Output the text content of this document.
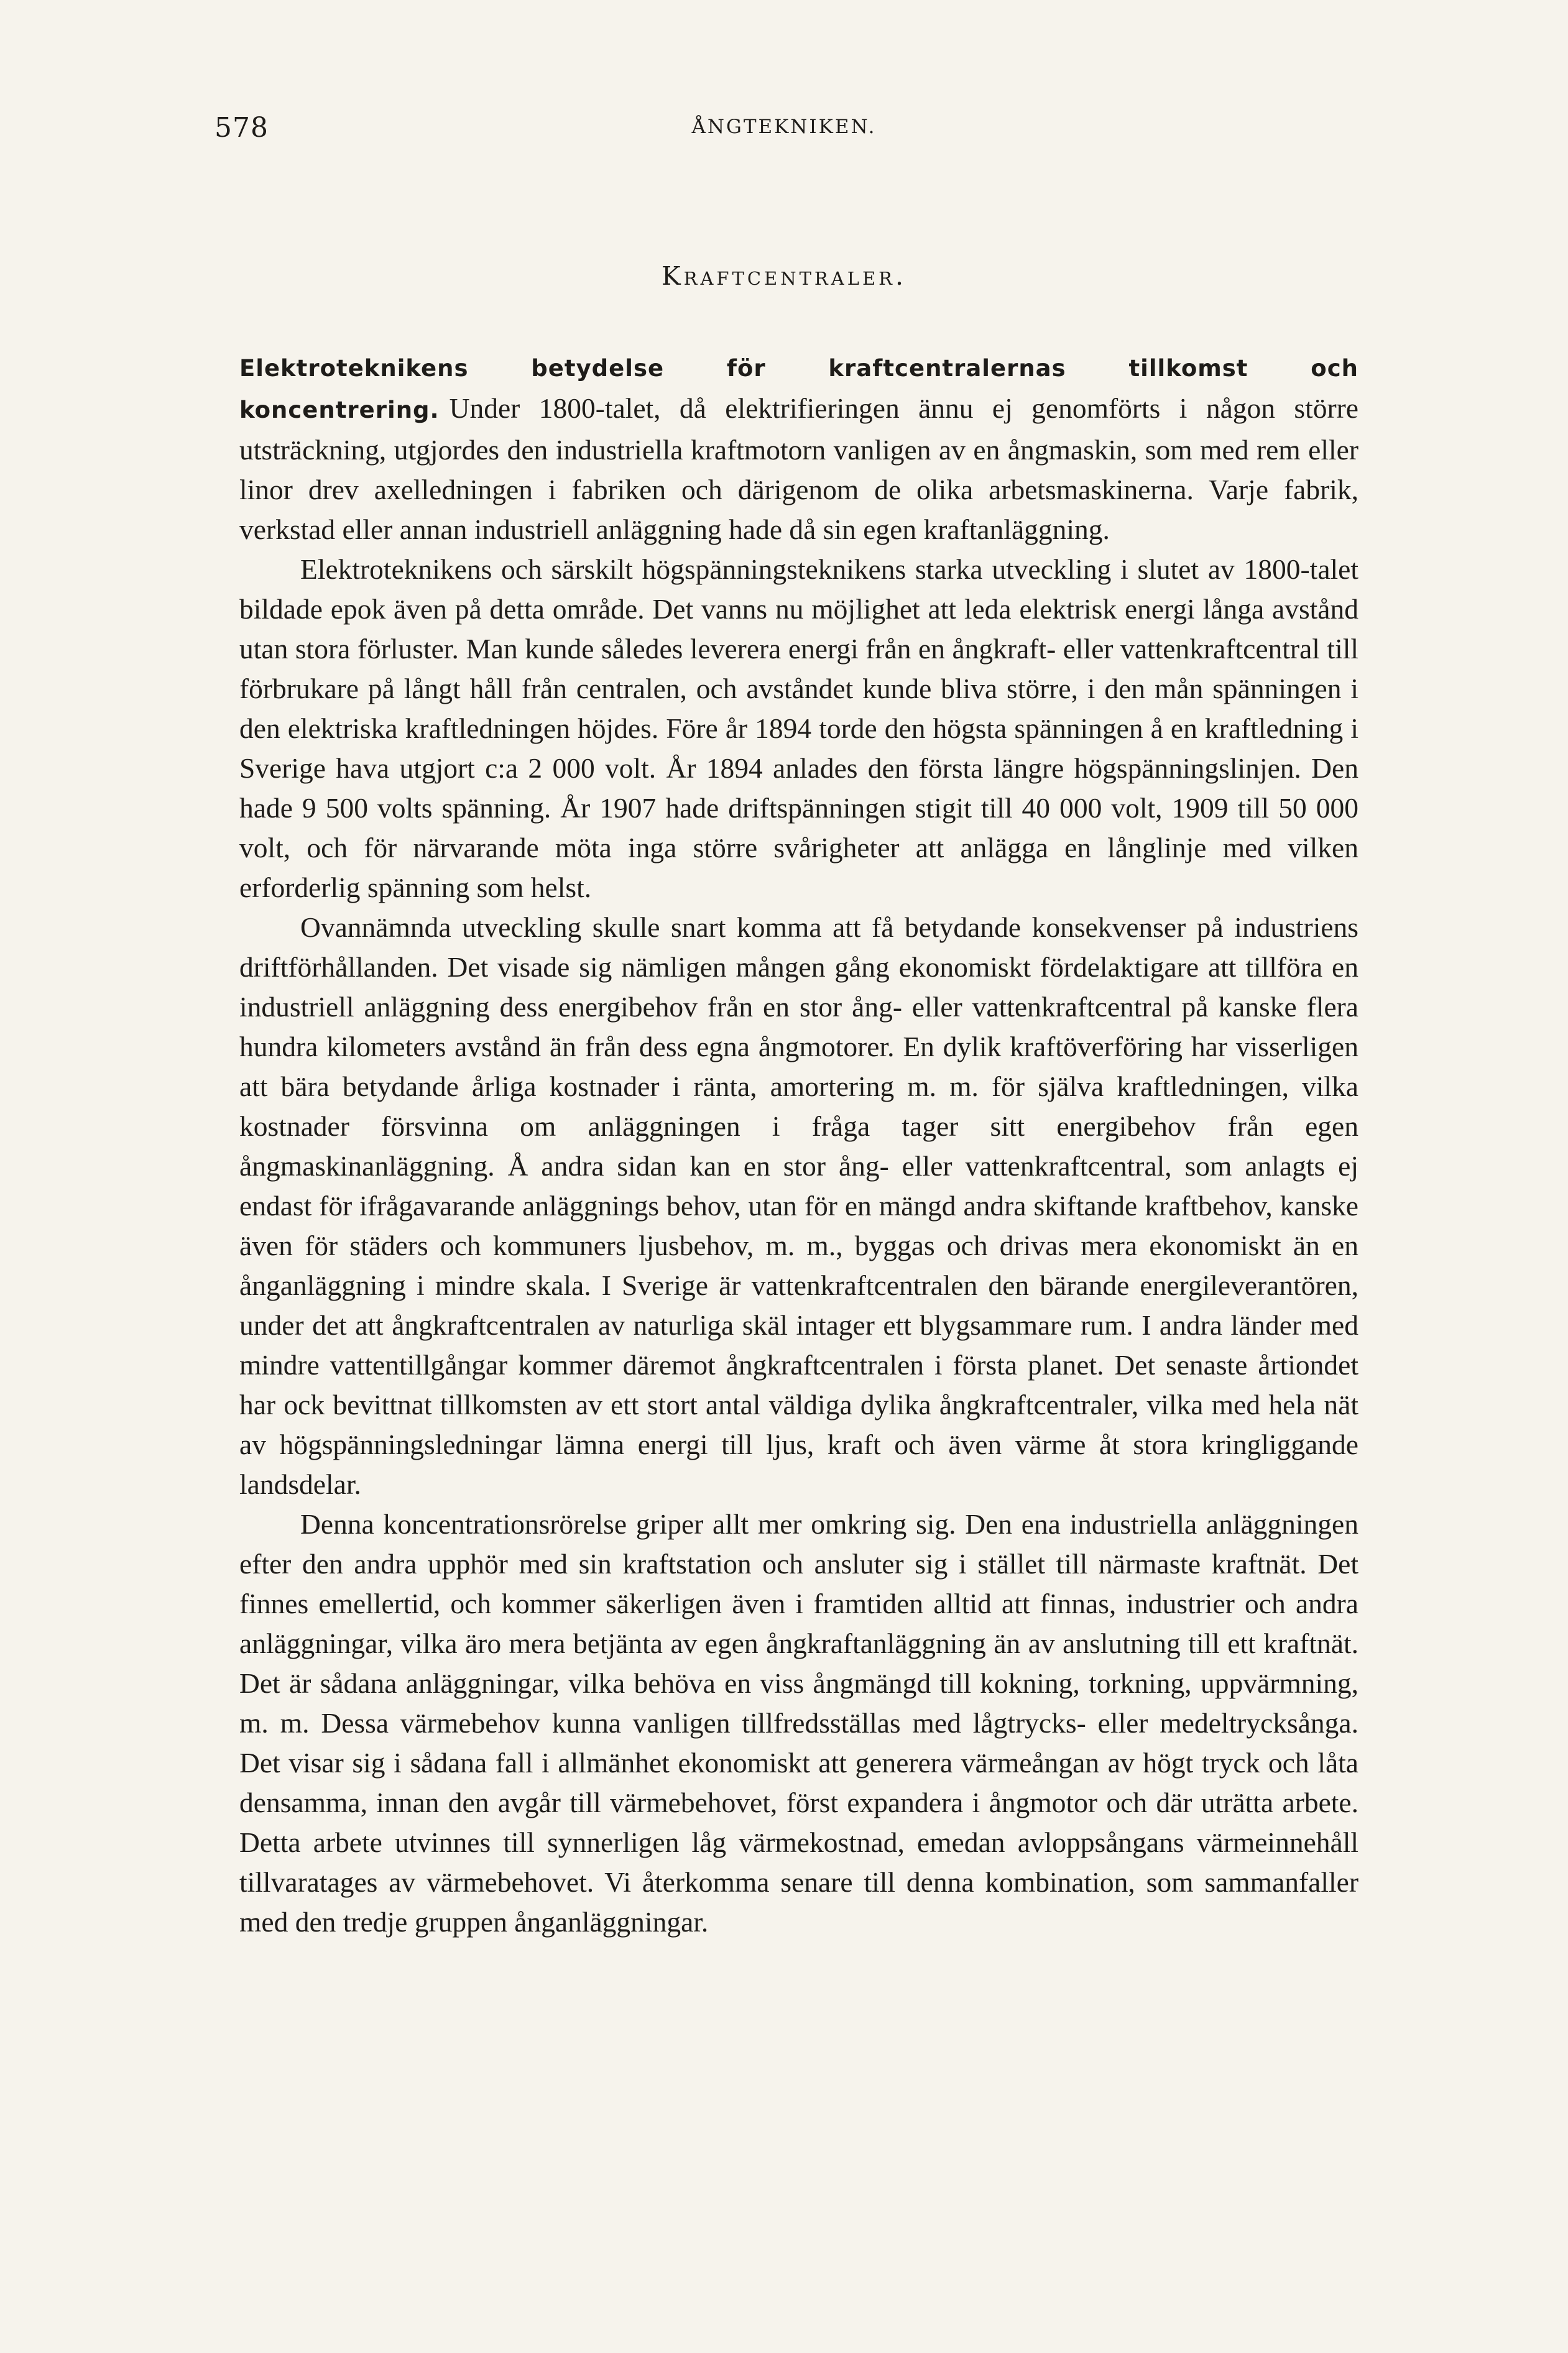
578	ÅNGTEKNIKEN.
Kraftcentraler.

Elektroteknikens betydelse för kraftcentralernas tillkomst och koncentrering. Under 1800-talet, då elektrifieringen ännu ej genomförts i någon större utsträckning, utgjordes den industriella kraftmotorn vanligen av en ångmaskin, som med rem eller linor drev axelledningen i fabriken och därigenom de olika arbetsmaskinerna. Varje fabrik, verkstad eller annan industriell anläggning hade då sin egen kraftanläggning.

Elektroteknikens och särskilt högspänningsteknikens starka utveckling i slutet av 1800-talet bildade epok även på detta område. Det vanns nu möjlighet att leda elektrisk energi långa avstånd utan stora förluster. Man kunde således leverera energi från en ångkraft- eller vattenkraftcentral till förbrukare på långt håll från centralen, och avståndet kunde bliva större, i den mån spänningen i den elektriska kraftledningen höjdes. Före år 1894 torde den högsta spänningen å en kraftledning i Sverige hava utgjort c:a 2 000 volt. År 1894 anlades den första längre högspänningslinjen. Den hade 9 500 volts spänning. År 1907 hade driftspänningen stigit till 40 000 volt, 1909 till 50 000 volt, och för närvarande möta inga större svårigheter att anlägga en långlinje med vilken erforderlig spänning som helst.

Ovannämnda utveckling skulle snart komma att få betydande konsekvenser på industriens driftförhållanden. Det visade sig nämligen mången gång ekonomiskt fördelaktigare att tillföra en industriell anläggning dess energibehov från en stor ång- eller vattenkraftcentral på kanske flera hundra kilometers avstånd än från dess egna ångmotorer. En dylik kraftöverföring har visserligen att bära betydande årliga kostnader i ränta, amortering m. m. för själva kraftledningen, vilka kostnader försvinna om anläggningen i fråga tager sitt energibehov från egen ångmaskinanläggning. Å andra sidan kan en stor ång- eller vattenkraftcentral, som anlagts ej endast för ifrågavarande anläggnings behov, utan för en mängd andra skiftande kraftbehov, kanske även för städers och kommuners ljusbehov, m. m., byggas och drivas mera ekonomiskt än en ånganläggning i mindre skala. I Sverige är vattenkraftcentralen den bärande energileverantören, under det att ångkraftcentralen av naturliga skäl intager ett blygsammare rum. I andra länder med mindre vattentillgångar kommer däremot ångkraftcentralen i första planet. Det senaste årtiondet har ock bevittnat tillkomsten av ett stort antal väldiga dylika ångkraftcentraler, vilka med hela nät av högspänningsledningar lämna energi till ljus, kraft och även värme åt stora kringliggande landsdelar.

Denna koncentrationsrörelse griper allt mer omkring sig. Den ena industriella anläggningen efter den andra upphör med sin kraftstation och ansluter sig i stället till närmaste kraftnät. Det finnes emellertid, och kommer säkerligen även i framtiden alltid att finnas, industrier och andra anläggningar, vilka äro mera betjänta av egen ångkraftanläggning än av anslutning till ett kraftnät. Det är sådana anläggningar, vilka behöva en viss ångmängd till kokning, torkning, uppvärmning, m. m. Dessa värmebehov kunna vanligen tillfredsställas med lågtrycks- eller medeltrycksånga. Det visar sig i sådana fall i allmänhet ekonomiskt att generera värmeångan av högt tryck och låta densamma, innan den avgår till värmebehovet, först expandera i ångmotor och där uträtta arbete. Detta arbete utvinnes till synnerligen låg värmekostnad, emedan avloppsångans värmeinnehåll tillvaratages av värmebehovet. Vi återkomma senare till denna kombination, som sammanfaller med den tredje gruppen ånganläggningar.
